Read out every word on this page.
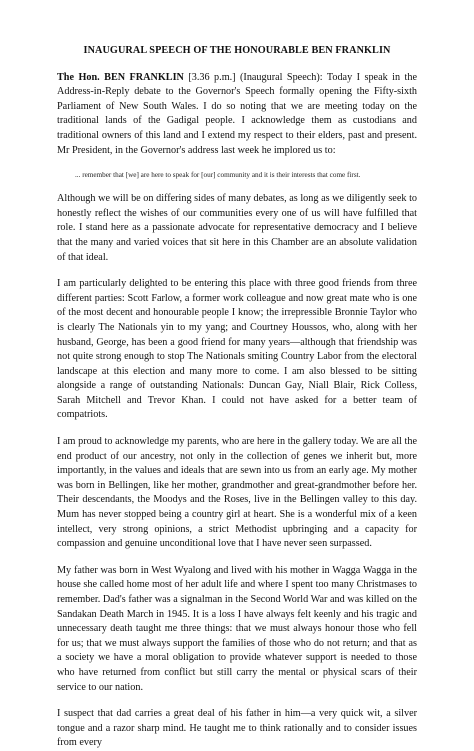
INAUGURAL SPEECH OF THE HONOURABLE BEN FRANKLIN

The Hon. BEN FRANKLIN [3.36 p.m.] (Inaugural Speech): Today I speak in the Address-in-Reply debate to the Governor's Speech formally opening the Fifty-sixth Parliament of New South Wales. I do so noting that we are meeting today on the traditional lands of the Gadigal people. I acknowledge them as custodians and traditional owners of this land and I extend my respect to their elders, past and present. Mr President, in the Governor's address last week he implored us to:

... remember that [we] are here to speak for [our] community and it is their interests that come first.

Although we will be on differing sides of many debates, as long as we diligently seek to honestly reflect the wishes of our communities every one of us will have fulfilled that role. I stand here as a passionate advocate for representative democracy and I believe that the many and varied voices that sit here in this Chamber are an absolute validation of that ideal.

I am particularly delighted to be entering this place with three good friends from three different parties: Scott Farlow, a former work colleague and now great mate who is one of the most decent and honourable people I know; the irrepressible Bronnie Taylor who is clearly The Nationals yin to my yang; and Courtney Houssos, who, along with her husband, George, has been a good friend for many years—although that friendship was not quite strong enough to stop The Nationals smiting Country Labor from the electoral landscape at this election and many more to come. I am also blessed to be sitting alongside a range of outstanding Nationals: Duncan Gay, Niall Blair, Rick Colless, Sarah Mitchell and Trevor Khan. I could not have asked for a better team of compatriots.

I am proud to acknowledge my parents, who are here in the gallery today. We are all the end product of our ancestry, not only in the collection of genes we inherit but, more importantly, in the values and ideals that are sewn into us from an early age. My mother was born in Bellingen, like her mother, grandmother and great-grandmother before her. Their descendants, the Moodys and the Roses, live in the Bellingen valley to this day. Mum has never stopped being a country girl at heart. She is a wonderful mix of a keen intellect, very strong opinions, a strict Methodist upbringing and a capacity for compassion and genuine unconditional love that I have never seen surpassed.

My father was born in West Wyalong and lived with his mother in Wagga Wagga in the house she called home most of her adult life and where I spent too many Christmases to remember. Dad's father was a signalman in the Second World War and was killed on the Sandakan Death March in 1945. It is a loss I have always felt keenly and his tragic and unnecessary death taught me three things: that we must always honour those who fell for us; that we must always support the families of those who do not return; and that as a society we have a moral obligation to provide whatever support is needed to those who have returned from conflict but still carry the mental or physical scars of their service to our nation.

I suspect that dad carries a great deal of his father in him—a very quick wit, a silver tongue and a razor sharp mind. He taught me to think rationally and to consider issues from every
